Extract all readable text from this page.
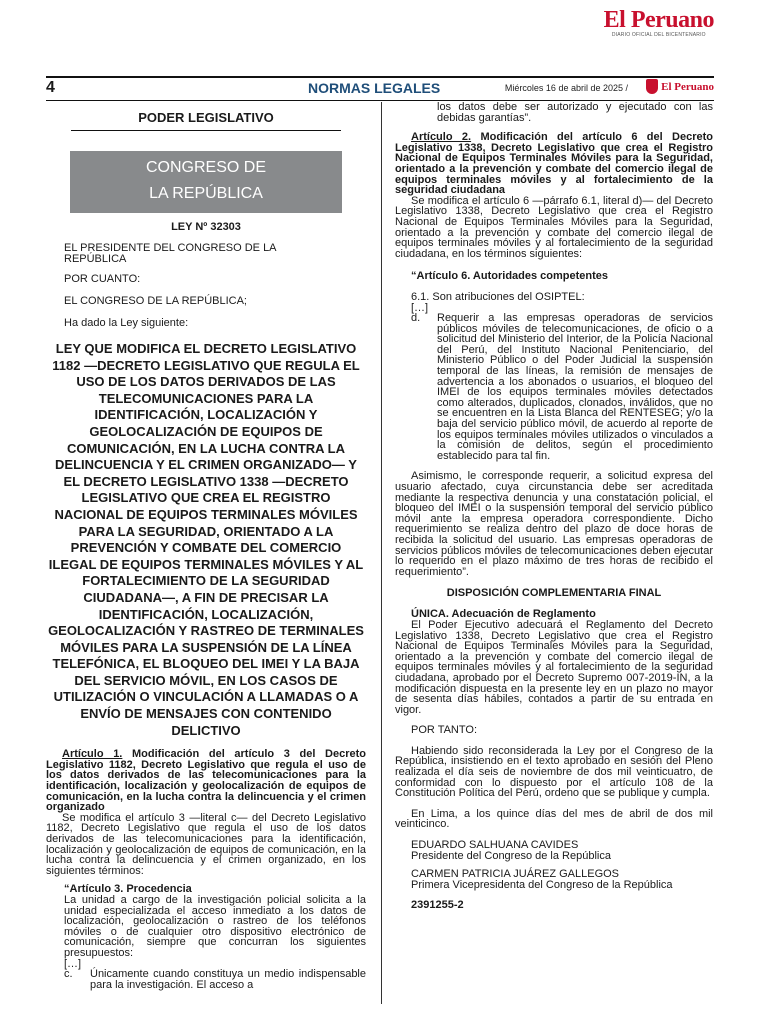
El Peruano
DIARIO OFICIAL DEL BICENTENARIO
4	NORMAS LEGALES	Miércoles 16 de abril de 2025 /	El Peruano
PODER LEGISLATIVO
CONGRESO DE
LA REPÚBLICA
LEY Nº 32303

EL PRESIDENTE DEL CONGRESO DE LA REPÚBLICA

POR CUANTO:

EL CONGRESO DE LA REPÚBLICA;

Ha dado la Ley siguiente:

LEY QUE MODIFICA EL DECRETO LEGISLATIVO 1182 —DECRETO LEGISLATIVO QUE REGULA EL USO DE LOS DATOS DERIVADOS DE LAS TELECOMUNICACIONES PARA LA IDENTIFICACIÓN, LOCALIZACIÓN Y GEOLOCALIZACIÓN DE EQUIPOS DE COMUNICACIÓN, EN LA LUCHA CONTRA LA DELINCUENCIA Y EL CRIMEN ORGANIZADO— Y EL DECRETO LEGISLATIVO 1338 —DECRETO LEGISLATIVO QUE CREA EL REGISTRO NACIONAL DE EQUIPOS TERMINALES MÓVILES PARA LA SEGURIDAD, ORIENTADO A LA PREVENCIÓN Y COMBATE DEL COMERCIO ILEGAL DE EQUIPOS TERMINALES MÓVILES Y AL FORTALECIMIENTO DE LA SEGURIDAD CIUDADANA—, A FIN DE PRECISAR LA IDENTIFICACIÓN, LOCALIZACIÓN, GEOLOCALIZACIÓN Y RASTREO DE TERMINALES MÓVILES PARA LA SUSPENSIÓN DE LA LÍNEA TELEFÓNICA, EL BLOQUEO DEL IMEI Y LA BAJA DEL SERVICIO MÓVIL, EN LOS CASOS DE UTILIZACIÓN O VINCULACIÓN A LLAMADAS O A ENVÍO DE MENSAJES CON CONTENIDO DELICTIVO

Artículo 1. Modificación del artículo 3 del Decreto Legislativo 1182, Decreto Legislativo que regula el uso de los datos derivados de las telecomunicaciones para la identificación, localización y geolocalización de equipos de comunicación, en la lucha contra la delincuencia y el crimen organizado

Se modifica el artículo 3 —literal c— del Decreto Legislativo 1182, Decreto Legislativo que regula el uso de los datos derivados de las telecomunicaciones para la identificación, localización y geolocalización de equipos de comunicación, en la lucha contra la delincuencia y el crimen organizado, en los siguientes términos:

“Artículo 3. Procedencia

La unidad a cargo de la investigación policial solicita a la unidad especializada el acceso inmediato a los datos de localización, geolocalización o rastreo de los teléfonos móviles o de cualquier otro dispositivo electrónico de comunicación, siempre que concurran los siguientes presupuestos:

[…]
c.	Únicamente cuando constituya un medio indispensable para la investigación. El acceso a

los datos debe ser autorizado y ejecutado con las debidas garantías”.

Artículo 2. Modificación del artículo 6 del Decreto Legislativo 1338, Decreto Legislativo que crea el Registro Nacional de Equipos Terminales Móviles para la Seguridad, orientado a la prevención y combate del comercio ilegal de equipos terminales móviles y al fortalecimiento de la seguridad ciudadana

Se modifica el artículo 6 —párrafo 6.1, literal d)— del Decreto Legislativo 1338, Decreto Legislativo que crea el Registro Nacional de Equipos Terminales Móviles para la Seguridad, orientado a la prevención y combate del comercio ilegal de equipos terminales móviles y al fortalecimiento de la seguridad ciudadana, en los términos siguientes:

“Artículo 6. Autoridades competentes

6.1. Son atribuciones del OSIPTEL:

[…]
d.	Requerir a las empresas operadoras de servicios públicos móviles de telecomunicaciones, de oficio o a solicitud del Ministerio del Interior, de la Policía Nacional del Perú, del Instituto Nacional Penitenciario, del Ministerio Público o del Poder Judicial la suspensión temporal de las líneas, la remisión de mensajes de advertencia a los abonados o usuarios, el bloqueo del IMEI de los equipos terminales móviles detectados como alterados, duplicados, clonados, inválidos, que no se encuentren en la Lista Blanca del RENTESEG; y/o la baja del servicio público móvil, de acuerdo al reporte de los equipos terminales móviles utilizados o vinculados a la comisión de delitos, según el procedimiento establecido para tal fin.

Asimismo, le corresponde requerir, a solicitud expresa del usuario afectado, cuya circunstancia debe ser acreditada mediante la respectiva denuncia y una constatación policial, el bloqueo del IMEI o la suspensión temporal del servicio público móvil ante la empresa operadora correspondiente. Dicho requerimiento se realiza dentro del plazo de doce horas de recibida la solicitud del usuario. Las empresas operadoras de servicios públicos móviles de telecomunicaciones deben ejecutar lo requerido en el plazo máximo de tres horas de recibido el requerimiento”.

DISPOSICIÓN COMPLEMENTARIA FINAL

ÚNICA. Adecuación de Reglamento

El Poder Ejecutivo adecuará el Reglamento del Decreto Legislativo 1338, Decreto Legislativo que crea el Registro Nacional de Equipos Terminales Móviles para la Seguridad, orientado a la prevención y combate del comercio ilegal de equipos terminales móviles y al fortalecimiento de la seguridad ciudadana, aprobado por el Decreto Supremo 007-2019-IN, a la modificación dispuesta en la presente ley en un plazo no mayor de sesenta días hábiles, contados a partir de su entrada en vigor.

POR TANTO:

Habiendo sido reconsiderada la Ley por el Congreso de la República, insistiendo en el texto aprobado en sesión del Pleno realizada el día seis de noviembre de dos mil veinticuatro, de conformidad con lo dispuesto por el artículo 108 de la Constitución Política del Perú, ordeno que se publique y cumpla.

En Lima, a los quince días del mes de abril de dos mil veinticinco.

EDUARDO SALHUANA CAVIDES

Presidente del Congreso de la República

CARMEN PATRICIA JUÁREZ GALLEGOS

Primera Vicepresidenta del Congreso de la República

2391255-2
